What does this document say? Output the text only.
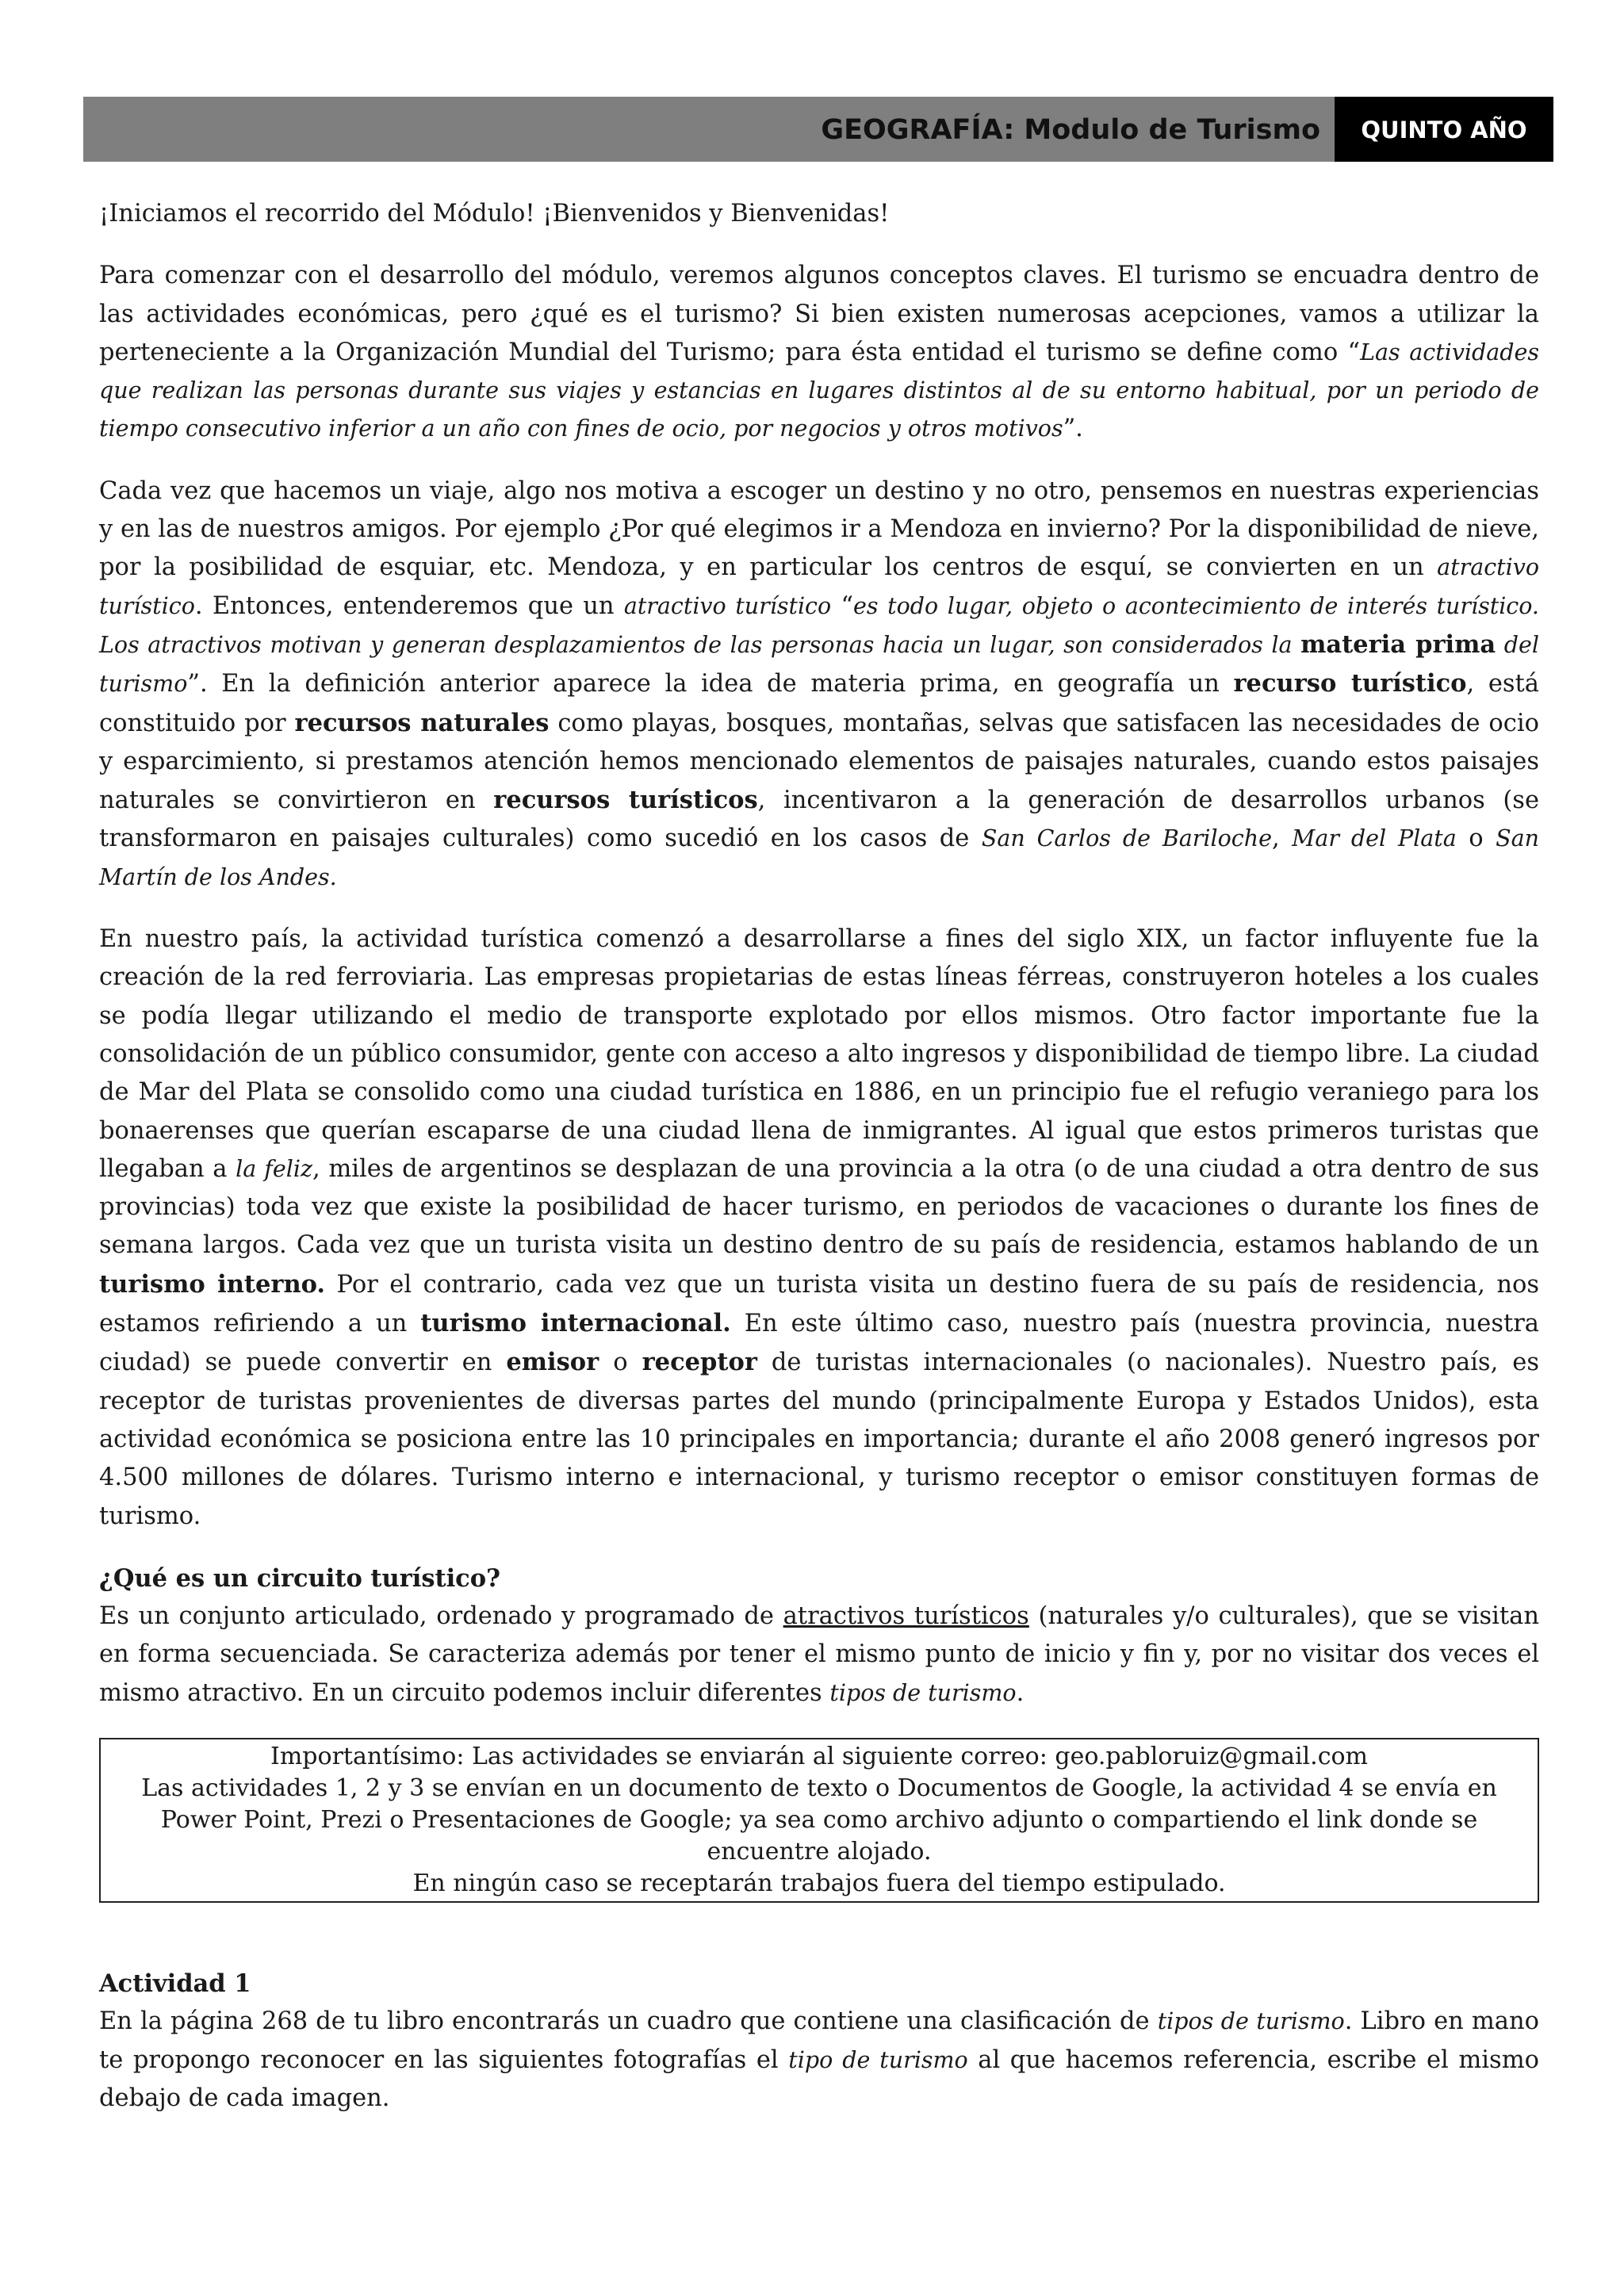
GEOGRAFÍA: Modulo de Turismo	QUINTO AÑO

¡Iniciamos el recorrido del Módulo! ¡Bienvenidos y Bienvenidas!

Para comenzar con el desarrollo del módulo, veremos algunos conceptos claves. El turismo se encuadra dentro de las actividades económicas, pero ¿qué es el turismo? Si bien existen numerosas acepciones, vamos a utilizar la perteneciente a la Organización Mundial del Turismo; para ésta entidad el turismo se define como “Las actividades que realizan las personas durante sus viajes y estancias en lugares distintos al de su entorno habitual, por un periodo de tiempo consecutivo inferior a un año con fines de ocio, por negocios y otros motivos”.

Cada vez que hacemos un viaje, algo nos motiva a escoger un destino y no otro, pensemos en nuestras experiencias y en las de nuestros amigos. Por ejemplo ¿Por qué elegimos ir a Mendoza en invierno? Por la disponibilidad de nieve, por la posibilidad de esquiar, etc. Mendoza, y en particular los centros de esquí, se convierten en un atractivo turístico. Entonces, entenderemos que un atractivo turístico “es todo lugar, objeto o acontecimiento de interés turístico. Los atractivos motivan y generan desplazamientos de las personas hacia un lugar, son considerados la materia prima del turismo”. En la definición anterior aparece la idea de materia prima, en geografía un recurso turístico, está constituido por recursos naturales como playas, bosques, montañas, selvas que satisfacen las necesidades de ocio y esparcimiento, si prestamos atención hemos mencionado elementos de paisajes naturales, cuando estos paisajes naturales se convirtieron en recursos turísticos, incentivaron a la generación de desarrollos urbanos (se transformaron en paisajes culturales) como sucedió en los casos de San Carlos de Bariloche, Mar del Plata o San Martín de los Andes.

En nuestro país, la actividad turística comenzó a desarrollarse a fines del siglo XIX, un factor influyente fue la creación de la red ferroviaria. Las empresas propietarias de estas líneas férreas, construyeron hoteles a los cuales se podía llegar utilizando el medio de transporte explotado por ellos mismos. Otro factor importante fue la consolidación de un público consumidor, gente con acceso a alto ingresos y disponibilidad de tiempo libre. La ciudad de Mar del Plata se consolido como una ciudad turística en 1886, en un principio fue el refugio veraniego para los bonaerenses que querían escaparse de una ciudad llena de inmigrantes. Al igual que estos primeros turistas que llegaban a la feliz, miles de argentinos se desplazan de una provincia a la otra (o de una ciudad a otra dentro de sus provincias) toda vez que existe la posibilidad de hacer turismo, en periodos de vacaciones o durante los fines de semana largos. Cada vez que un turista visita un destino dentro de su país de residencia, estamos hablando de un turismo interno. Por el contrario, cada vez que un turista visita un destino fuera de su país de residencia, nos estamos refiriendo a un turismo internacional. En este último caso, nuestro país (nuestra provincia, nuestra ciudad) se puede convertir en emisor o receptor de turistas internacionales (o nacionales). Nuestro país, es receptor de turistas provenientes de diversas partes del mundo (principalmente Europa y Estados Unidos), esta actividad económica se posiciona entre las 10 principales en importancia; durante el año 2008 generó ingresos por 4.500 millones de dólares. Turismo interno e internacional, y turismo receptor o emisor constituyen formas de turismo.

¿Qué es un circuito turístico?

Es un conjunto articulado, ordenado y programado de atractivos turísticos (naturales y/o culturales), que se visitan en forma secuenciada. Se caracteriza además por tener el mismo punto de inicio y fin y, por no visitar dos veces el mismo atractivo. En un circuito podemos incluir diferentes tipos de turismo.

Importantísimo: Las actividades se enviarán al siguiente correo: geo.pabloruiz@gmail.com
Las actividades 1, 2 y 3 se envían en un documento de texto o Documentos de Google, la actividad 4 se envía en Power Point, Prezi o Presentaciones de Google; ya sea como archivo adjunto o compartiendo el link donde se encuentre alojado.
En ningún caso se receptarán trabajos fuera del tiempo estipulado.

Actividad 1

En la página 268 de tu libro encontrarás un cuadro que contiene una clasificación de tipos de turismo. Libro en mano te propongo reconocer en las siguientes fotografías el tipo de turismo al que hacemos referencia, escribe el mismo debajo de cada imagen.
